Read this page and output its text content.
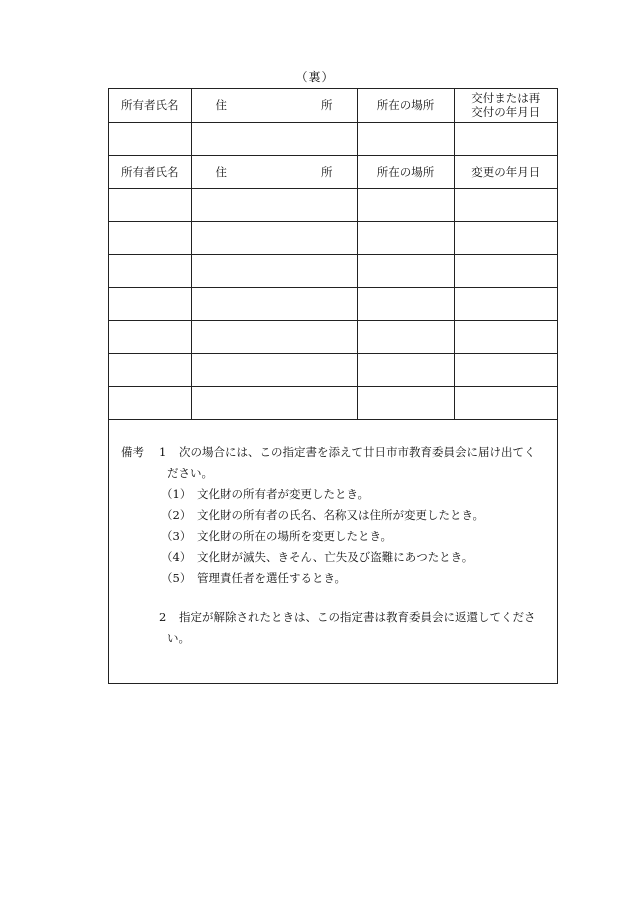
（裏）
所有者氏名	住 所	所在の場所	交付または再
交付の年月日

所有者氏名	住 所	所在の場所	変更の年月日

備考 1 次の場合には、この指定書を添えて廿日市市教育委員会に届け出てく
ださい。
（1） 文化財の所有者が変更したとき。
（2） 文化財の所有者の氏名、名称又は住所が変更したとき。
（3） 文化財の所在の場所を変更したとき。
（4） 文化財が滅失、きそん、亡失及び盗難にあつたとき。
（5） 管理責任者を選任するとき。
2 指定が解除されたときは、この指定書は教育委員会に返還してくださ
い。
